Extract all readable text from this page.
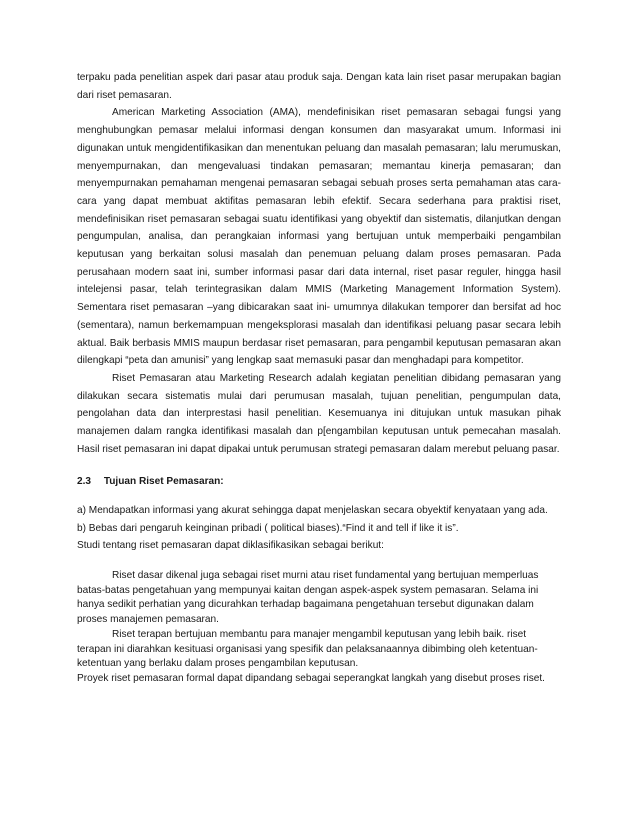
terpaku pada penelitian aspek dari pasar atau produk saja. Dengan kata lain riset pasar merupakan bagian dari riset pemasaran.

American Marketing Association (AMA), mendefinisikan riset pemasaran sebagai fungsi yang menghubungkan pemasar melalui informasi dengan konsumen dan masyarakat umum. Informasi ini digunakan untuk mengidentifikasikan dan menentukan peluang dan masalah pemasaran; lalu merumuskan, menyempurnakan, dan mengevaluasi tindakan pemasaran; memantau kinerja pemasaran; dan menyempurnakan pemahaman mengenai pemasaran sebagai sebuah proses serta pemahaman atas cara-cara yang dapat membuat aktifitas pemasaran lebih efektif. Secara sederhana para praktisi riset, mendefinisikan riset pemasaran sebagai suatu identifikasi yang obyektif dan sistematis, dilanjutkan dengan pengumpulan, analisa, dan perangkaian informasi yang bertujuan untuk memperbaiki pengambilan keputusan yang berkaitan solusi masalah dan penemuan peluang dalam proses pemasaran. Pada perusahaan modern saat ini, sumber informasi pasar dari data internal, riset pasar reguler, hingga hasil intelejensi pasar, telah terintegrasikan dalam MMIS (Marketing Management Information System). Sementara riset pemasaran –yang dibicarakan saat ini- umumnya dilakukan temporer dan bersifat ad hoc (sementara), namun berkemampuan mengeksplorasi masalah dan identifikasi peluang pasar secara lebih aktual. Baik berbasis MMIS maupun berdasar riset pemasaran, para pengambil keputusan pemasaran akan dilengkapi “peta dan amunisi” yang lengkap saat memasuki pasar dan menghadapi para kompetitor.

Riset Pemasaran atau Marketing Research adalah kegiatan penelitian dibidang pemasaran yang dilakukan secara sistematis mulai dari perumusan masalah, tujuan penelitian, pengumpulan data, pengolahan data dan interprestasi hasil penelitian. Kesemuanya ini ditujukan untuk masukan pihak manajemen dalam rangka identifikasi masalah dan p[engambilan keputusan untuk pemecahan masalah. Hasil riset pemasaran ini dapat dipakai untuk perumusan strategi pemasaran dalam merebut peluang pasar.

2.3 Tujuan Riset Pemasaran:

a) Mendapatkan informasi yang akurat sehingga dapat menjelaskan secara obyektif kenyataan yang ada.

b) Bebas dari pengaruh keinginan pribadi ( political biases).“Find it and tell if like it is”.

Studi tentang riset pemasaran dapat diklasifikasikan sebagai berikut:

Riset dasar dikenal juga sebagai riset murni atau riset fundamental yang bertujuan memperluas batas-batas pengetahuan yang mempunyai kaitan dengan aspek-aspek system pemasaran. Selama ini hanya sedikit perhatian yang dicurahkan terhadap bagaimana pengetahuan tersebut digunakan dalam proses manajemen pemasaran.

Riset terapan bertujuan membantu para manajer mengambil keputusan yang lebih baik. riset terapan ini diarahkan kesituasi organisasi yang spesifik dan pelaksanaannya dibimbing oleh ketentuan-ketentuan yang berlaku dalam proses pengambilan keputusan.

Proyek riset pemasaran formal dapat dipandang sebagai seperangkat langkah yang disebut proses riset.
